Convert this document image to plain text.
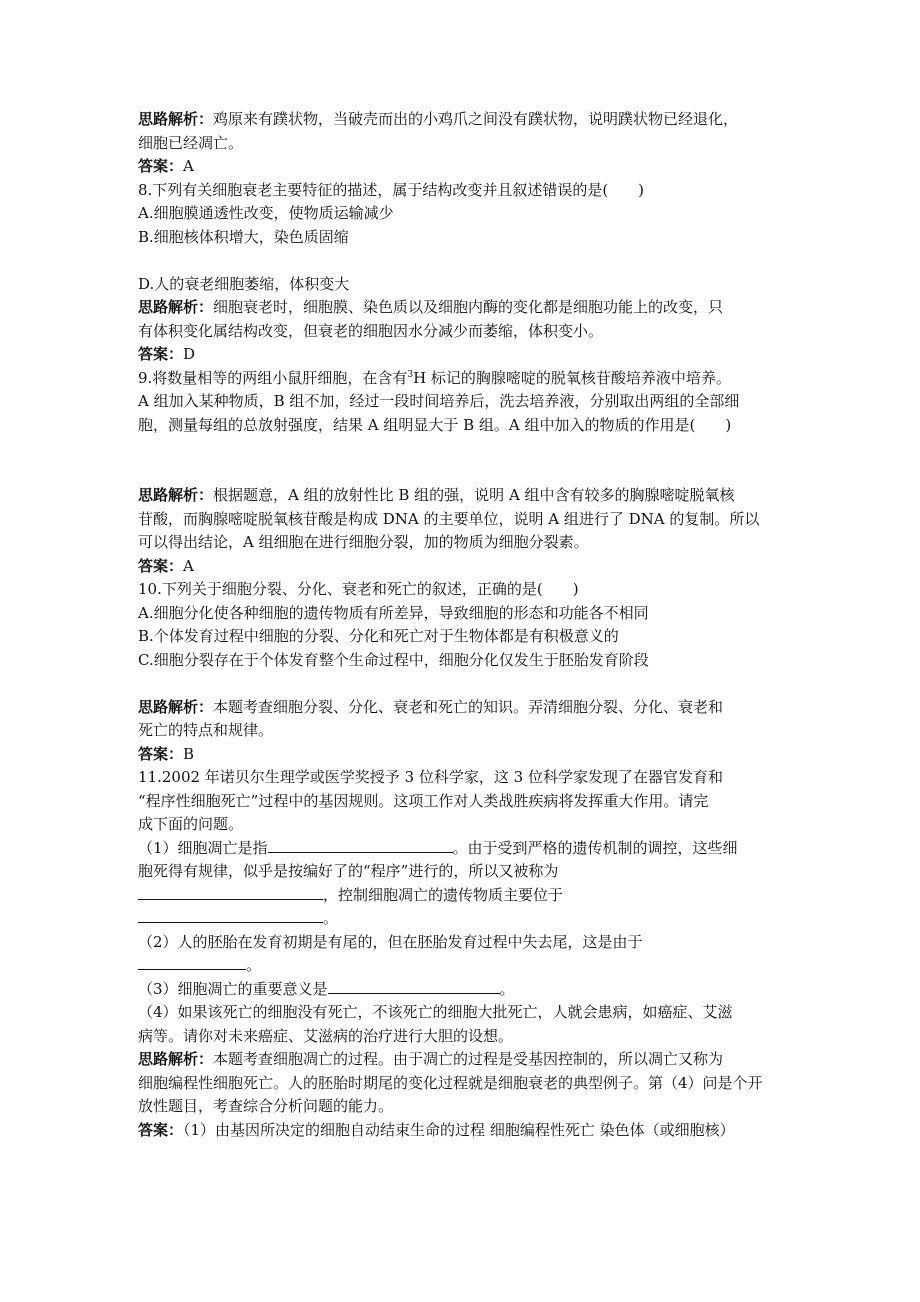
思路解析：鸡原来有蹼状物，当破壳而出的小鸡爪之间没有蹼状物，说明蹼状物已经退化，
细胞已经凋亡。
答案：A
8.下列有关细胞衰老主要特征的描述，属于结构改变并且叙述错误的是(　　)
A.细胞膜通透性改变，使物质运输减少
B.细胞核体积增大，染色质固缩
D.人的衰老细胞萎缩，体积变大
思路解析：细胞衰老时，细胞膜、染色质以及细胞内酶的变化都是细胞功能上的改变，只
有体积变化属结构改变，但衰老的细胞因水分减少而萎缩，体积变小。
答案：D
9.将数量相等的两组小鼠肝细胞，在含有$^3$H 标记的胸腺嘧啶的脱氧核苷酸培养液中培养。
A 组加入某种物质，B 组不加，经过一段时间培养后，洗去培养液，分别取出两组的全部细
胞，测量每组的总放射强度，结果 A 组明显大于 B 组。A 组中加入的物质的作用是(　　)
思路解析：根据题意，A 组的放射性比 B 组的强，说明 A 组中含有较多的胸腺嘧啶脱氧核
苷酸，而胸腺嘧啶脱氧核苷酸是构成 DNA 的主要单位，说明 A 组进行了 DNA 的复制。所以
可以得出结论，A 组细胞在进行细胞分裂，加的物质为细胞分裂素。
答案：A
10.下列关于细胞分裂、分化、衰老和死亡的叙述，正确的是(　　)
A.细胞分化使各种细胞的遗传物质有所差异，导致细胞的形态和功能各不相同
B.个体发育过程中细胞的分裂、分化和死亡对于生物体都是有积极意义的
C.细胞分裂存在于个体发育整个生命过程中，细胞分化仅发生于胚胎发育阶段
思路解析：本题考查细胞分裂、分化、衰老和死亡的知识。弄清细胞分裂、分化、衰老和
死亡的特点和规律。
答案：B
11.2002 年诺贝尔生理学或医学奖授予 3 位科学家，这 3 位科学家发现了在器官发育和
“程序性细胞死亡”过程中的基因规则。这项工作对人类战胜疾病将发挥重大作用。请完
成下面的问题。
（1）细胞凋亡是指	。由于受到严格的遗传机制的调控，这些细
胞死得有规律，似乎是按编好了的“程序”进行的，所以又被称为
，控制细胞凋亡的遗传物质主要位于
。
（2）人的胚胎在发育初期是有尾的，但在胚胎发育过程中失去尾，这是由于
。
（3）细胞凋亡的重要意义是	。
（4）如果该死亡的细胞没有死亡，不该死亡的细胞大批死亡，人就会患病，如癌症、艾滋
病等。请你对未来癌症、艾滋病的治疗进行大胆的设想。
思路解析：本题考查细胞凋亡的过程。由于凋亡的过程是受基因控制的，所以凋亡又称为
细胞编程性细胞死亡。人的胚胎时期尾的变化过程就是细胞衰老的典型例子。第（4）问是个开
放性题目，考查综合分析问题的能力。
答案：（1）由基因所决定的细胞自动结束生命的过程 细胞编程性死亡 染色体（或细胞核）
